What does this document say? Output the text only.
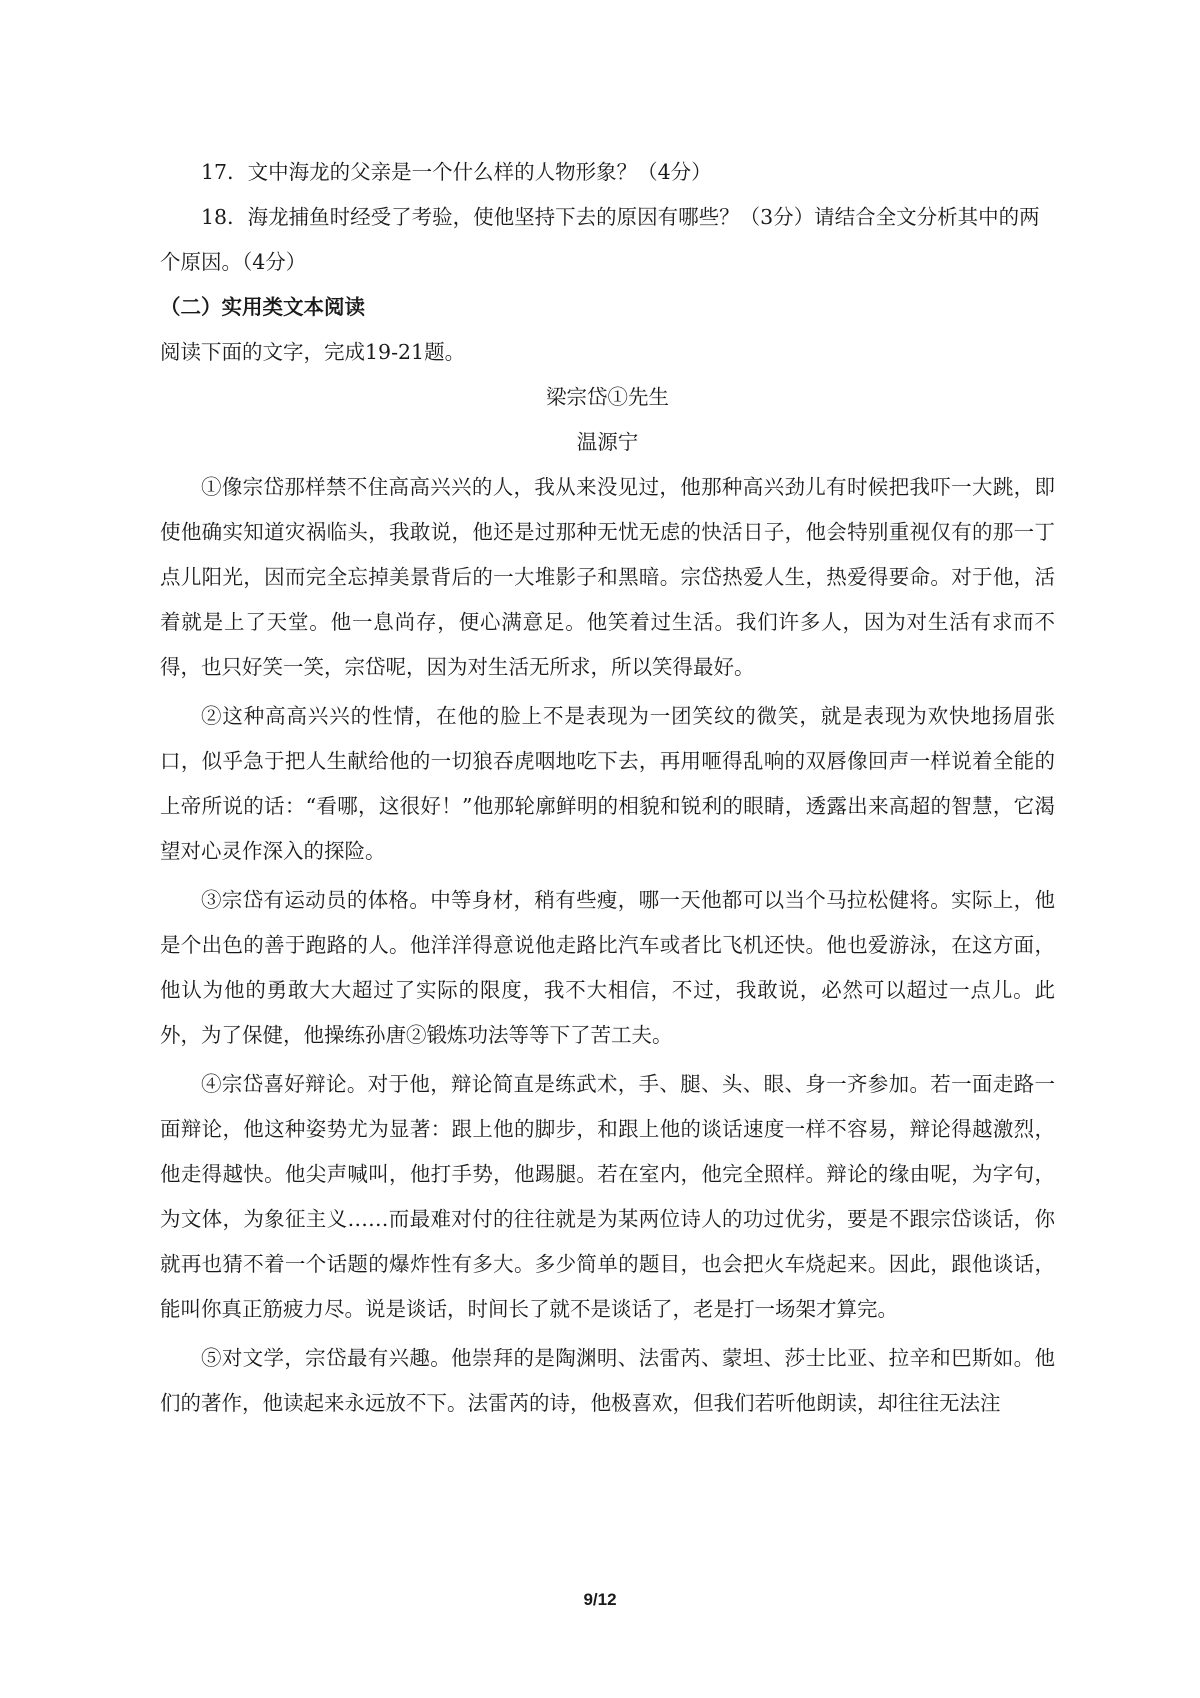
17．文中海龙的父亲是一个什么样的人物形象？（4分）

18．海龙捕鱼时经受了考验，使他坚持下去的原因有哪些？（3分）请结合全文分析其中的两个原因。（4分）

（二）实用类文本阅读

阅读下面的文字，完成19-21题。

梁宗岱①先生

温源宁

①像宗岱那样禁不住高高兴兴的人，我从来没见过，他那种高兴劲儿有时候把我吓一大跳，即使他确实知道灾祸临头，我敢说，他还是过那种无忧无虑的快活日子，他会特别重视仅有的那一丁点儿阳光，因而完全忘掉美景背后的一大堆影子和黑暗。宗岱热爱人生，热爱得要命。对于他，活着就是上了天堂。他一息尚存，便心满意足。他笑着过生活。我们许多人，因为对生活有求而不得，也只好笑一笑，宗岱呢，因为对生活无所求，所以笑得最好。

②这种高高兴兴的性情，在他的脸上不是表现为一团笑纹的微笑，就是表现为欢快地扬眉张口，似乎急于把人生献给他的一切狼吞虎咽地吃下去，再用咂得乱响的双唇像回声一样说着全能的上帝所说的话：“看哪，这很好！”他那轮廓鲜明的相貌和锐利的眼睛，透露出来高超的智慧，它渴望对心灵作深入的探险。

③宗岱有运动员的体格。中等身材，稍有些瘦，哪一天他都可以当个马拉松健将。实际上，他是个出色的善于跑路的人。他洋洋得意说他走路比汽车或者比飞机还快。他也爱游泳，在这方面，他认为他的勇敢大大超过了实际的限度，我不大相信，不过，我敢说，必然可以超过一点儿。此外，为了保健，他操练孙唐②锻炼功法等等下了苦工夫。

④宗岱喜好辩论。对于他，辩论简直是练武术，手、腿、头、眼、身一齐参加。若一面走路一面辩论，他这种姿势尤为显著：跟上他的脚步，和跟上他的谈话速度一样不容易，辩论得越激烈，他走得越快。他尖声喊叫，他打手势，他踢腿。若在室内，他完全照样。辩论的缘由呢，为字句，为文体，为象征主义……而最难对付的往往就是为某两位诗人的功过优劣，要是不跟宗岱谈话，你就再也猜不着一个话题的爆炸性有多大。多少简单的题目，也会把火车烧起来。因此，跟他谈话，能叫你真正筋疲力尽。说是谈话，时间长了就不是谈话了，老是打一场架才算完。

⑤对文学，宗岱最有兴趣。他崇拜的是陶渊明、法雷芮、蒙坦、莎士比亚、拉辛和巴斯如。他们的著作，他读起来永远放不下。法雷芮的诗，他极喜欢，但我们若听他朗读，却往往无法注

9/12
